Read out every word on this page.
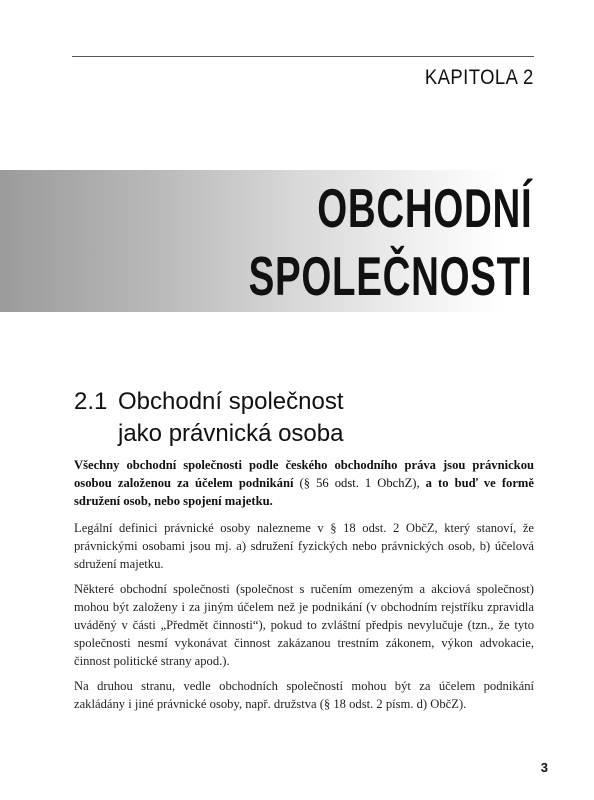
KAPITOLA 2
OBCHODNÍ
SPOLEČNOSTI
2.1 Obchodní společnost
jako právnická osoba

Všechny obchodní společnosti podle českého obchodního práva jsou právnickou osobou založenou za účelem podnikání (§ 56 odst. 1 ObchZ), a to buď ve formě sdružení osob, nebo spojení majetku.

Legální definici právnické osoby nalezneme v § 18 odst. 2 ObčZ, který stanoví, že právnickými osobami jsou mj. a) sdružení fyzických nebo právnických osob, b) účelová sdružení majetku.

Některé obchodní společnosti (společnost s ručením omezeným a akciová společnost) mohou být založeny i za jiným účelem než je podnikání (v obchodním rejstříku zpravidla uváděný v části „Předmět činnosti“), pokud to zvláštní předpis nevylučuje (tzn., že tyto společnosti nesmí vykonávat činnost zakázanou trestním zákonem, výkon advokacie, činnost politické strany apod.).

Na druhou stranu, vedle obchodních společností mohou být za účelem podnikání zakládány i jiné právnické osoby, např. družstva (§ 18 odst. 2 písm. d) ObčZ).

3
